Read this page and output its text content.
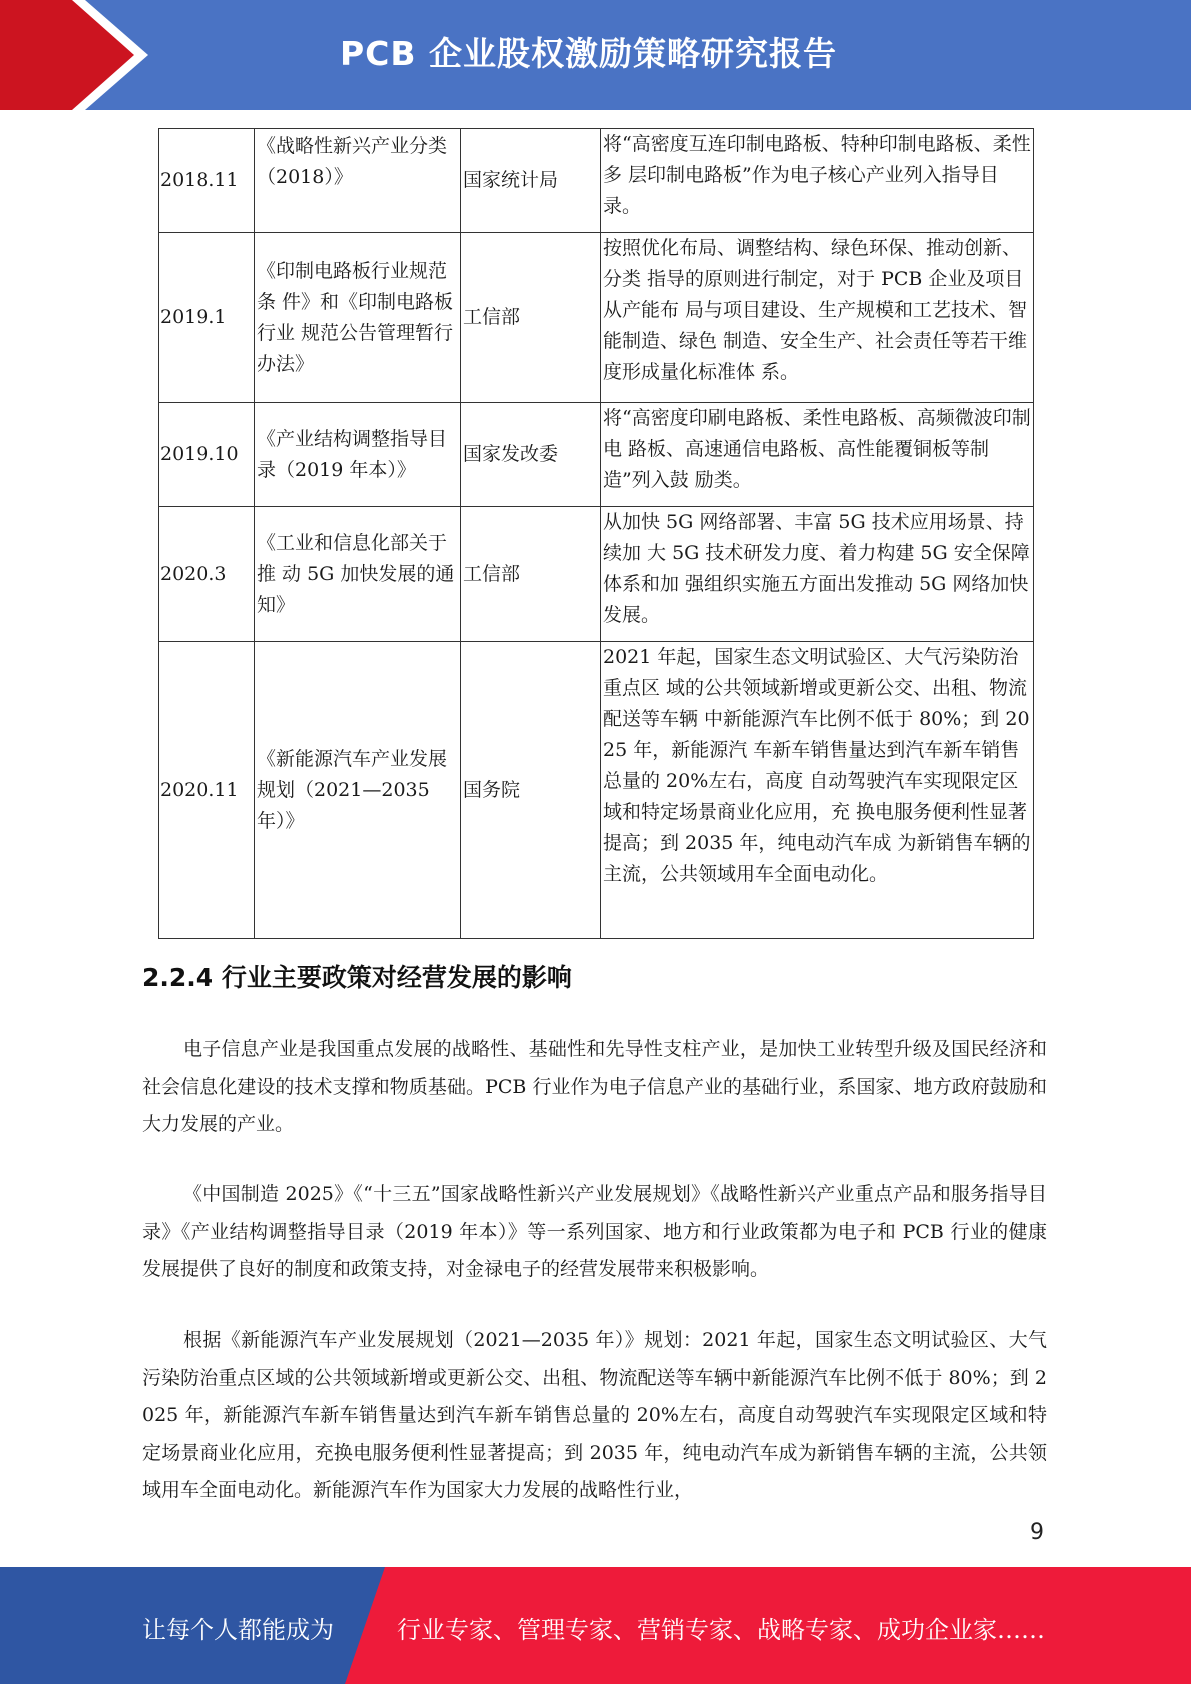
PCB 企业股权激励策略研究报告
2018.11	《战略性新兴产业分类（2018）》	国家统计局	将“高密度互连印制电路板、特种印制电路板、柔性多 层印制电路板”作为电子核心产业列入指导目录。
2019.1	《印制电路板行业规范条 件》和《印制电路板行业 规范公告管理暂行办法》	工信部	按照优化布局、调整结构、绿色环保、推动创新、分类 指导的原则进行制定，对于 PCB 企业及项目从产能布 局与项目建设、生产规模和工艺技术、智能制造、绿色 制造、安全生产、社会责任等若干维度形成量化标准体 系。
2019.10	《产业结构调整指导目录（2019 年本）》	国家发改委	将“高密度印刷电路板、柔性电路板、高频微波印制电 路板、高速通信电路板、高性能覆铜板等制造”列入鼓 励类。
2020.3	《工业和信息化部关于推 动 5G 加快发展的通知》	工信部	从加快 5G 网络部署、丰富 5G 技术应用场景、持续加 大 5G 技术研发力度、着力构建 5G 安全保障体系和加 强组织实施五方面出发推动 5G 网络加快发展。
2020.11	《新能源汽车产业发展规划（2021—2035 年）》	国务院	2021 年起，国家生态文明试验区、大气污染防治重点区 域的公共领域新增或更新公交、出租、物流配送等车辆 中新能源汽车比例不低于 80%；到 2025 年，新能源汽 车新车销售量达到汽车新车销售总量的 20%左右，高度 自动驾驶汽车实现限定区域和特定场景商业化应用，充 换电服务便利性显著提高；到 2035 年，纯电动汽车成 为新销售车辆的主流，公共领域用车全面电动化。
2.2.4 行业主要政策对经营发展的影响

电子信息产业是我国重点发展的战略性、基础性和先导性支柱产业，是加快工业转型升级及国民经济和社会信息化建设的技术支撑和物质基础。PCB 行业作为电子信息产业的基础行业，系国家、地方政府鼓励和大力发展的产业。

《中国制造 2025》《“十三五”国家战略性新兴产业发展规划》《战略性新兴产业重点产品和服务指导目录》《产业结构调整指导目录（2019 年本）》等一系列国家、地方和行业政策都为电子和 PCB 行业的健康发展提供了良好的制度和政策支持，对金禄电子的经营发展带来积极影响。

根据《新能源汽车产业发展规划（2021—2035 年）》规划：2021 年起，国家生态文明试验区、大气污染防治重点区域的公共领域新增或更新公交、出租、物流配送等车辆中新能源汽车比例不低于 80%；到 2025 年，新能源汽车新车销售量达到汽车新车销售总量的 20%左右，高度自动驾驶汽车实现限定区域和特定场景商业化应用，充换电服务便利性显著提高；到 2035 年，纯电动汽车成为新销售车辆的主流，公共领域用车全面电动化。新能源汽车作为国家大力发展的战略性行业，

9
让每个人都能成为	行业专家、管理专家、营销专家、战略专家、成功企业家……
